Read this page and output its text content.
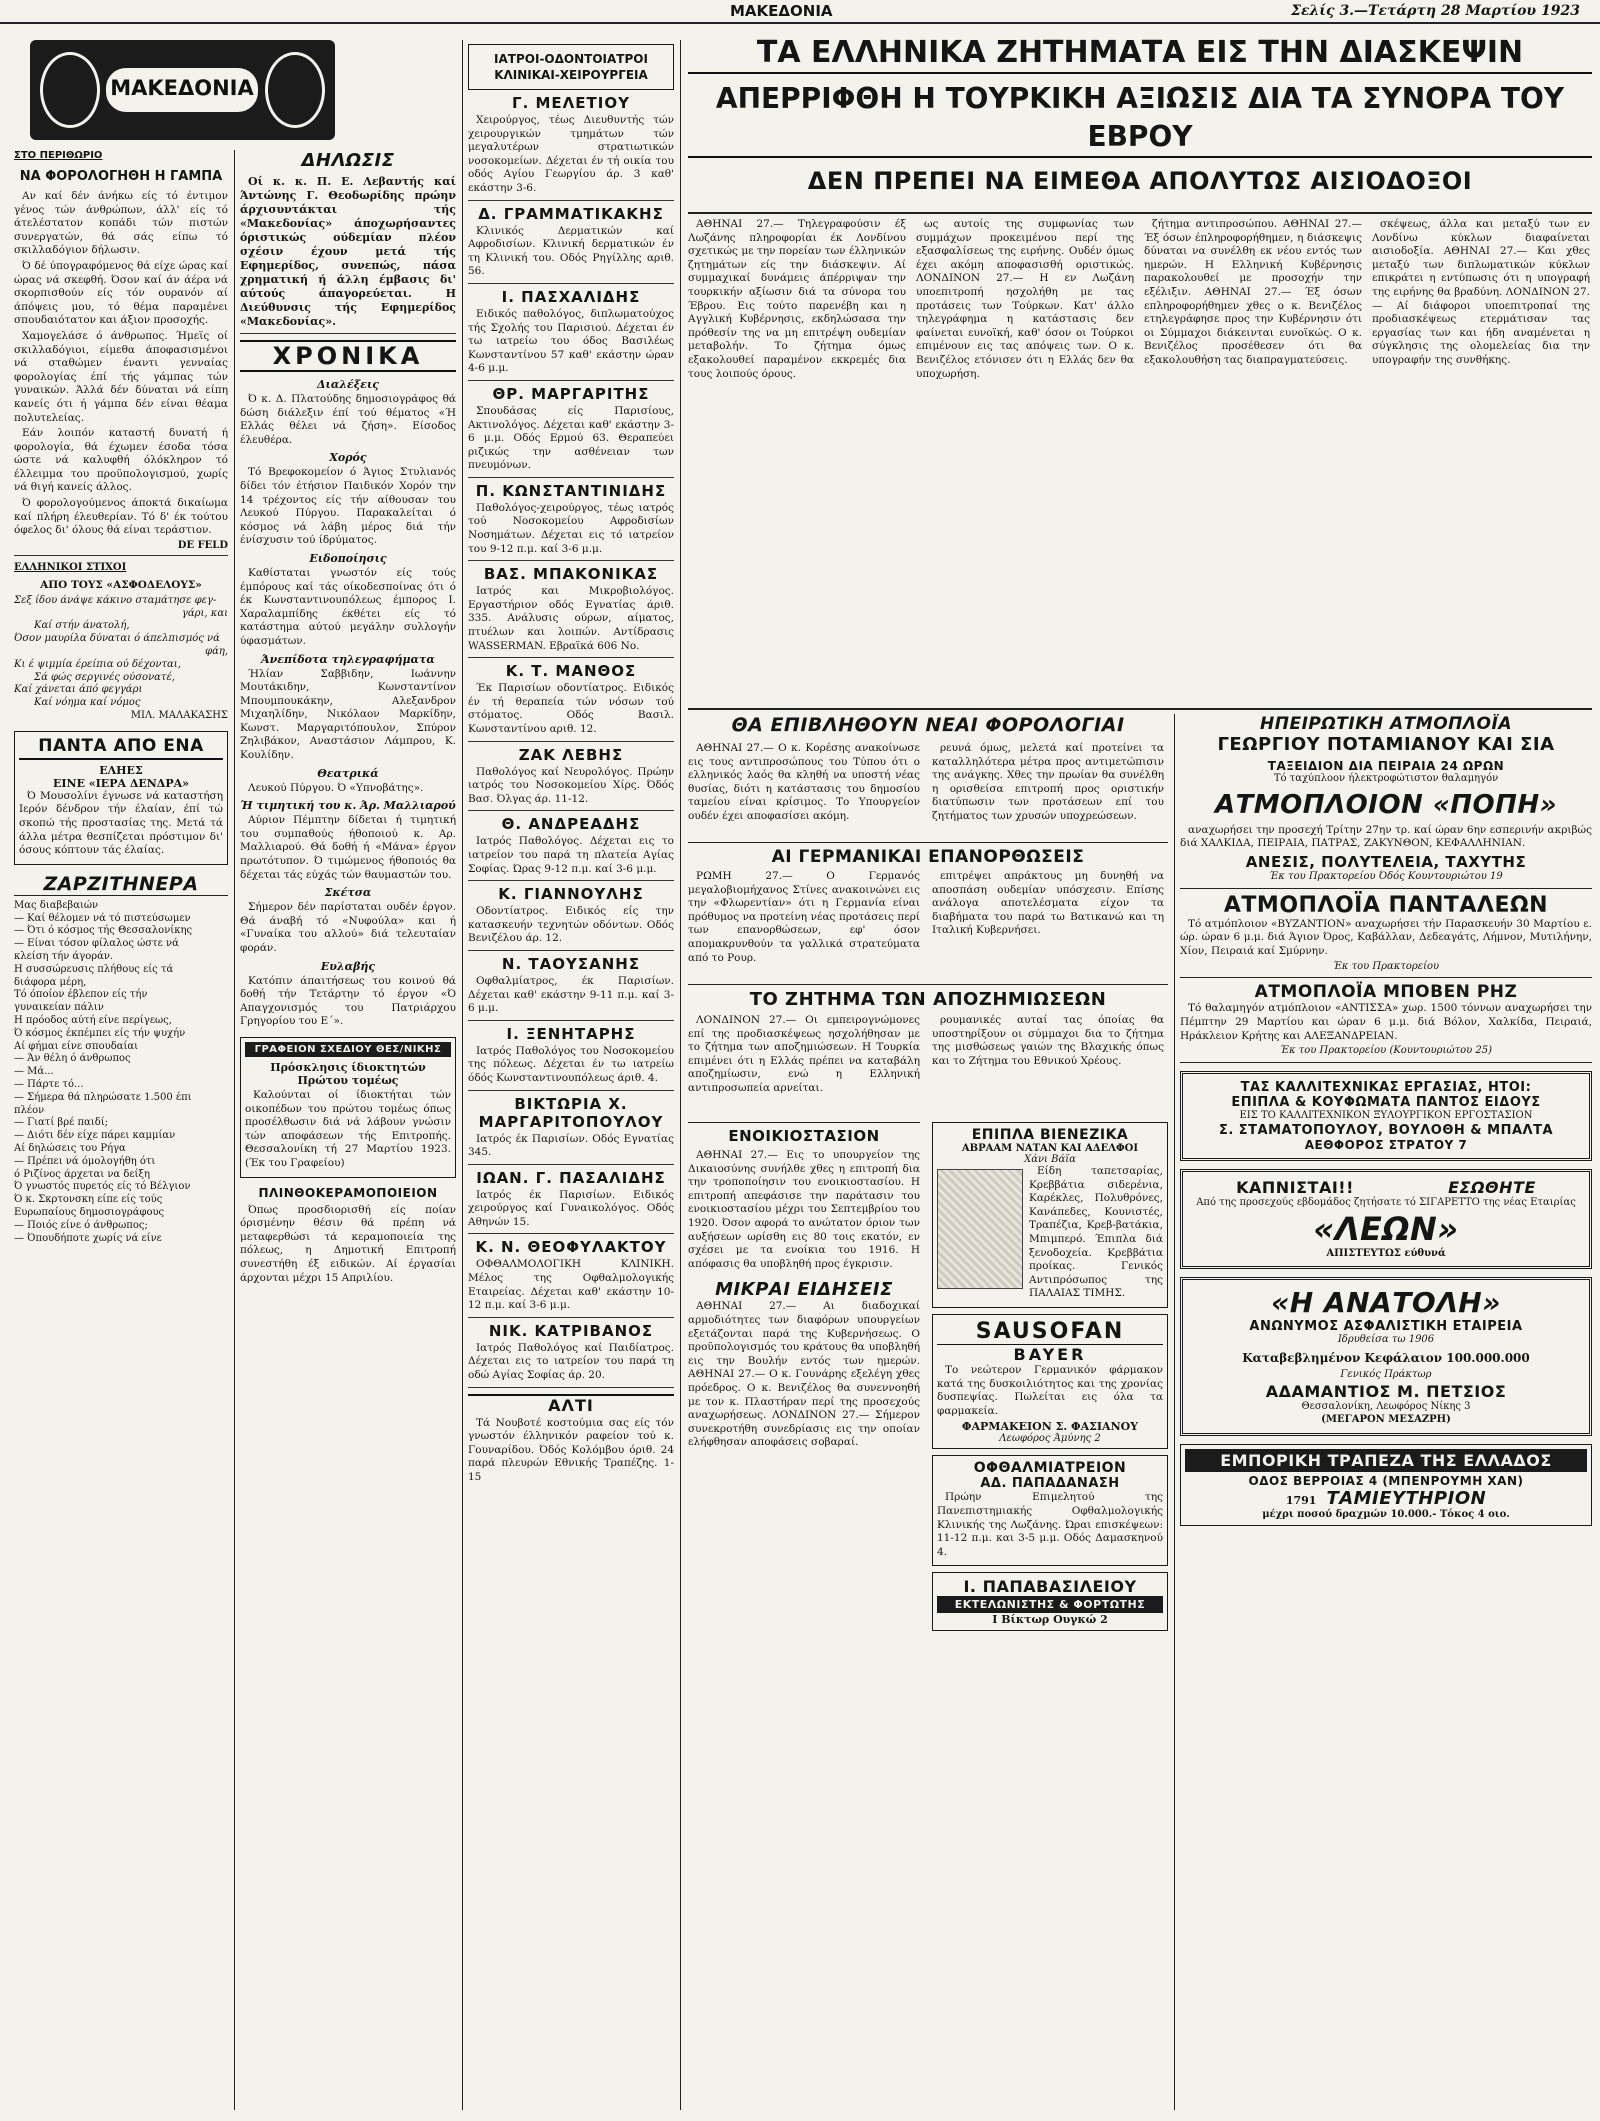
ΜΑΚΕΔΟΝΙΑ	Σελίς 3.—Τετάρτη 28 Μαρτίου 1923
ΜΑΚΕΔΟΝΙΑ
ΣΤΟ ΠΕΡΙΘΩΡΙΟ
ΝΑ ΦΟΡΟΛΟΓΗΘΗ Η ΓΑΜΠΑ
Αν καί δέν άνήκω είς τό έντιμον γένος τών άνθρώπων, άλλ' είς τό άτελέστατον κοπάδι τών πιστών συνεργατών, θά σάς είπω τό σκιλλαδόγιον δήλωσιν.
Ό δέ ύπογραφόμενος θά είχε ώρας καί ώρας νά σκεφθή. Όσον καί άν άέρα νά σκορπισθούν είς τόν ουρανόν αί άπόψεις μου, τό θέμα παραμένει σπουδαιότατον και άξιον προσοχής.
Χαμογελάσε ό άνθρωπος. Ήμεϊς οί σκιλλαδόγιοι, είμεθα άποφασισμένοι νά σταθώμεν έναντι γενναίας φορολογίας έπί τής γάμπας τών γυναικών. Άλλά δέν δύναται νά είπη κανείς ότι ή γάμπα δέν είναι θέαμα πολυτελείας.
Εάν λοιπόν καταστή δυνατή ή φορολογία, θά έχωμεν έσοδα τόσα ώστε νά καλυφθή όλόκληρον τό έλλειμμα του προϋπολογισμού, χωρίς νά θιγή κανείς άλλος.
Ό φορολογούμενος άποκτά δικαίωμα καί πλήρη έλευθερίαν. Τό δ' έκ τούτου όφελος δι' όλους θά είναι τεράστιον.
DE FELD
ΕΛΛΗΝΙΚΟΙ ΣΤΙΧΟΙ
ΑΠΟ ΤΟΥΣ «ΑΣΦΟΔΕΛΟΥΣ»
Σεξ ίδου άνάψε κάκινο σταμάτησε φεγ-
γάρι, και
Καί στήν άνατολή,
Όσον μαυρίλα δύναται ό άπελπισμός νά
φάη,
Κι έ ψιμμία έρείπια ού δέχονται,
Σά φώς σεργινές ούσονατέ,
Καί χάνεται άπό φεγγάρι
Καί νόημα καί νόμος
ΜΙΛ. ΜΑΛΑΚΑΣΗΣ
ΠΑΝΤΑ ΑΠΟ ΕΝΑ
ΕΛΗΕΣ
ΕΙΝΕ «ΙΕΡΑ ΔΕΝΔΡΑ»
Ό Μουσολίνι έγνωσε νά καταστήση Ιερόν δένδρον τήν έλαίαν, έπί τώ σκοπώ τής προστασίας της. Μετά τά άλλα μέτρα θεσπίζεται πρόστιμον δι' όσους κόπτουν τάς έλαίας.
ΖΑΡΖΙΤΗΝΕΡΑ
Μας διαβεβαιών
— Καί θέλομεν νά τό πιστεύσωμεν
— Ότι ό κόσμος τής Θεσσαλονίκης
— Είναι τόσον φίλαλος ώστε νά
κλείση τήν άγοράν.
Η συσσώρευσις πλήθους είς τά
διάφορα μέρη,
Τό όποίον έβλεπον είς τήν
γυναικείαν πάλιν
Η πρόοδος αύτή είνε περίγεως,
Ό κόσμος έκπέμπει είς τήν ψυχήν
Αί φήμαι είνε σπουδαίαι
— Άν θέλη ό άνθρωπος
— Μά...
— Πάρτε τό...
— Σήμερα θά πληρώσατε 1.500 έπι
πλέον
— Γιατί βρέ παιδί;
— Διότι δέν είχε πάρει καμμίαν
Αί δηλώσεις του Ρήγα
— Πρέπει νά όμολογήθη ότι
ό Ριζίνος άρχεται να δείξη
Ό γνωστός πυρετός είς τό Βέλγιον
Ό κ. Σκρτονσκη είπε είς τούς
Ευρωπαίους δημοσιογράφους
— Ποιός είνε ό άνθρωπος;
— Όπουδήποτε χωρίς νά είνε
ΔΗΛΩΣΙΣ
Οί κ. κ. Π. Ε. Λεβαντής καί Άντώνης Γ. Θεοδωρίδης πρώην άρχισυντάκται τής «Μακεδονίας» άποχωρήσαντες όριστικώς ούδεμίαν πλέον σχέσιν έχουν μετά τής Εφημερίδος, συνεπώς, πάσα χρηματική ή άλλη έμβασις δι' αύτούς άπαγορεύεται. Η Διεύθυνσις τής Εφημερίδος «Μακεδονίας».
ΧΡΟΝΙΚΑ
Διαλέξεις
Ό κ. Δ. Πλατούδης δημοσιογράφος θά δώση διάλεξιν έπί τού θέματος «Ή Ελλάς θέλει νά ζήση». Είσοδος έλευθέρα.
Χορός
Τό Βρεφοκομείον ό Άγιος Στυλιανός δίδει τόν έτήσιον Παιδικόν Χορόν την 14 τρέχοντος είς τήν αίθουσαν του Λευκού Πύργου. Παρακαλείται ό κόσμος νά λάβη μέρος διά τήν ένίσχυσιν τού ίδρύματος.
Ειδοποίησις
Καθίσταται γνωστόν είς τούς έμπόρους καί τάς οίκοδεσποίνας ότι ό έκ Κωνσταντινουπόλεως έμπορος Ι. Χαραλαμπίδης έκθέτει είς τό κατάστημα αύτού μεγάλην συλλογήν ύφασμάτων.
Άνεπίδοτα τηλεγραφήματα
Ήλίαν Σαββιδην, Ιωάννην Μουτάκιδην, Κωνσταντίνον Μπουμπουκάκην, Αλεξανδρον Μιχαηλίδην, Νικόλαον Μαρκίδην, Κωνστ. Μαργαριτόπουλον, Σπύρον Ζηλιβάκον, Αναστάσιον Λάμπρου, Κ. Κουλίδην.
Θεατρικά
Λευκού Πύργου. Ό «Υπνοβάτης».
Ή τιμητική του κ. Άρ. Μαλλιαρού
Αύριον Πέμπτην δίδεται ή τιμητική του συμπαθούς ήθοποιού κ. Αρ. Μαλλιαρού. Θά δοθή ή «Μάνα» έργον πρωτότυπον. Ό τιμώμενος ήθοποιός θα δέχεται τάς εύχάς τών θαυμαστών του.
Σκέτσα
Σήμερον δέν παρίσταται ουδέν έργον. Θά άναβή τό «Νυφούλα» και ή «Γυναίκα του αλλού» διά τελευταίαν φοράν.
Ευλαβής
Κατόπιν άπαιτήσεως του κοινού θά δοθή τήν Τετάρτην τό έργον «Ό Απαγχονισμός του Πατριάρχου Γρηγορίου του Ε΄».
ΓΡΑΦΕΙΟΝ ΣΧΕΔΙΟΥ ΘΕΣ/ΝΙΚΗΣ
Πρόσκλησις ίδιοκτητών Πρώτου τομέως
Καλούνται οί ίδιοκτήται τών οικοπέδων του πρώτου τομέως όπως προσέλθωσιν διά νά λάβουν γνώσιν τών αποφάσεων τής Επιτροπής. Θεσσαλονίκη τή 27 Μαρτίου 1923. (Έκ του Γραφείου)
ΠΛΙΝΘΟΚΕΡΑΜΟΠΟΙΕΙΟΝ
Όπως προσδιορισθή είς ποίαν όρισμένην θέσιν θά πρέπη νά μεταφερθώσι τά κεραμοποιεία της πόλεως, η Δημοτική Επιτροπή συνεστήθη έξ ειδικών. Αί έργασίαι άρχονται μέχρι 15 Απριλίου.
ΙΑΤΡΟΙ-ΟΔΟΝΤΟΙΑΤΡΟΙ ΚΛΙΝΙΚΑΙ-ΧΕΙΡΟΥΡΓΕΙΑ
Γ. ΜΕΛΕΤΙΟΥ
Χειρούργος, τέως Διευθυντής τών χειρουργικών τμημάτων τών μεγαλυτέρων στρατιωτικών νοσοκομείων. Δέχεται έν τή οικία του οδός Αγίου Γεωργίου άρ. 3 καθ' εκάστην 3-6.
Δ. ΓΡΑΜΜΑΤΙΚΑΚΗΣ
Κλινικός Δερματικών καί Αφροδισίων. Κλινική δερματικών έν τη Κλινική του. Οδός Ρηγίλλης αριθ. 56.
Ι. ΠΑΣΧΑΛΙΔΗΣ
Ειδικός παθολόγος, διπλωματούχος τής Σχολής του Παρισιού. Δέχεται έν τω ιατρείω του όδος Βασιλέως Κωνσταντίνου 57 καθ' εκάστην ώραν 4-6 μ.μ.
ΘΡ. ΜΑΡΓΑΡΙΤΗΣ
Σπουδάσας είς Παρισίους, Ακτινολόγος. Δέχεται καθ' εκάστην 3-6 μ.μ. Οδός Ερμού 63. Θεραπεύει ριζικώς την ασθένειαν των πνευμόνων.
Π. ΚΩΝΣΤΑΝΤΙΝΙΔΗΣ
Παθολόγος-χειρούργος, τέως ιατρός τού Νοσοκομείου Αφροδισίων Νοσημάτων. Δέχεται εις τό ιατρείον του 9-12 π.μ. καί 3-6 μ.μ.
ΒΑΣ. ΜΠΑΚΟΝΙΚΑΣ
Ιατρός και Μικροβιολόγος. Εργαστήριον οδός Εγνατίας άριθ. 335. Ανάλυσις ούρων, αίματος, πτυέλων και λοιπών. Αντίδρασις WASSERMAN. Εβραϊκά 606 Νο.
Κ. Τ. ΜΑΝΘΟΣ
Έκ Παρισίων οδοντίατρος. Ειδικός έν τή θεραπεία τών νόσων τού στόματος. Οδός Βασιλ. Κωνσταντίνου αριθ. 12.
ΖΑΚ ΛΕΒΗΣ
Παθολόγος καί Νευρολόγος. Πρώην ιατρός του Νοσοκομείου Χίρς. Όδός Βασ. Όλγας άρ. 11-12.
Θ. ΑΝΔΡΕΑΔΗΣ
Ιατρός Παθολόγος. Δέχεται εις το ιατρείον του παρά τη πλατεία Αγίας Σοφίας. Ώρας 9-12 π.μ. καί 3-6 μ.μ.
Κ. ΓΙΑΝΝΟΥΛΗΣ
Οδοντίατρος. Ειδικός είς την κατασκευήν τεχνητών οδόντων. Οδός Βενιζέλου άρ. 12.
Ν. ΤΑΟΥΣΑΝΗΣ
Οφθαλμίατρος, έκ Παρισίων. Δέχεται καθ' εκάστην 9-11 π.μ. καί 3-6 μ.μ.
Ι. ΞΕΝΗΤΑΡΗΣ
Ιατρός Παθολόγος του Νοσοκομείου της πόλεως. Δέχεται έν τω ιατρείω όδός Κωνσταντινουπόλεως άριθ. 4.
ΒΙΚΤΩΡΙΑ Χ. ΜΑΡΓΑΡΙΤΟΠΟΥΛΟΥ
Ιατρός έκ Παρισίων. Οδός Εγνατίας 345.
ΙΩΑΝ. Γ. ΠΑΣΑΛΙΔΗΣ
Ιατρός έκ Παρισίων. Ειδικός χειρούργος καί Γυναικολόγος. Οδός Αθηνών 15.
Κ. Ν. ΘΕΟΦΥΛΑΚΤΟΥ
ΟΦΘΑΛΜΟΛΟΓΙΚΗ ΚΛΙΝΙΚΗ. Μέλος της Οφθαλμολογικής Εταιρείας. Δέχεται καθ' εκάστην 10-12 π.μ. καί 3-6 μ.μ.
ΝΙΚ. ΚΑΤΡΙΒΑΝΟΣ
Ιατρός Παθολόγος καί Παιδίατρος. Δέχεται εις το ιατρείον του παρά τη οδώ Αγίας Σοφίας άρ. 20.
ΑΛΤΙ
Τά Νουβοτέ κοστούμια σας είς τόν γνωστόν έλληνικόν ραφείον τού κ. Γουναρίδου. Όδός Κολόμβου όριθ. 24 παρά πλευρών Εθνικής Τραπέζης. 1-15
ΤΑ ΕΛΛΗΝΙΚΑ ΖΗΤΗΜΑΤΑ ΕΙΣ ΤΗΝ ΔΙΑΣΚΕΨΙΝ
ΑΠΕΡΡΙΦΘΗ Η ΤΟΥΡΚΙΚΗ ΑΞΙΩΣΙΣ ΔΙΑ ΤΑ ΣΥΝΟΡΑ ΤΟΥ ΕΒΡΟΥ
ΔΕΝ ΠΡΕΠΕΙ ΝΑ ΕΙΜΕΘΑ ΑΠΟΛΥΤΩΣ ΑΙΣΙΟΔΟΞΟΙ
ΑΘΗΝΑΙ 27.— Τηλεγραφούσιν έξ Λωζάνης πληροφορίαι έκ Λονδίνου σχετικώς με την πορείαν των έλληνικών ζητημάτων είς την διάσκεψιν. Αί συμμαχικαί δυνάμεις άπέρριψαν την τουρκικήν αξίωσιν διά τα σύνορα του Έβρου. Εις τούτο παρενέβη και η Αγγλική Κυβέρνησις, εκδηλώσασα την πρόθεσίν της να μη επιτρέψη ουδεμίαν μεταβολήν. Το ζήτημα όμως εξακολουθεί παραμένον εκκρεμές δια τους λοιπούς όρους.
ως αυτοίς της συμφωνίας των συμμάχων προκειμένου περί της εξασφαλίσεως της ειρήνης. Ουδέν όμως έχει ακόμη αποφασισθή οριστικώς. ΛΟΝΔΙΝΟΝ 27.— Η εν Λωζάνη υποεπιτροπή ησχολήθη με τας προτάσεις των Τούρκων. Κατ' άλλο τηλεγράφημα η κατάστασις δεν φαίνεται ευνοϊκή, καθ' όσον οι Τούρκοι επιμένουν εις τας απόψεις των. Ο κ. Βενιζέλος ετόνισεν ότι η Ελλάς δεν θα υποχωρήση.
ζήτημα αντιπροσώπου. ΑΘΗΝΑΙ 27.— Έξ όσων έπληροφορήθημεν, η διάσκεψις δύναται να συνέλθη εκ νέου εντός των ημερών. Η Ελληνική Κυβέρνησις παρακολουθεί με προσοχήν την εξέλιξιν. ΑΘΗΝΑΙ 27.— Έξ όσων επληροφορήθημεν χθες ο κ. Βενιζέλος ετηλεγράφησε προς την Κυβέρνησιν ότι οι Σύμμαχοι διάκεινται ευνοϊκώς. Ο κ. Βενιζέλος προσέθεσεν ότι θα εξακολουθήση τας διαπραγματεύσεις.
σκέψεως, άλλα και μεταξύ των εν Λονδίνω κύκλων διαφαίνεται αισιοδοξία. ΑΘΗΝΑΙ 27.— Και χθες μεταξύ των διπλωματικών κύκλων επικράτει η εντύπωσις ότι η υπογραφή της ειρήνης θα βραδύνη. ΛΟΝΔΙΝΟΝ 27.— Αί διάφοροι υποεπιτροπαί της προδιασκέψεως ετερμάτισαν τας εργασίας των και ήδη αναμένεται η σύγκλησις της ολομελείας δια την υπογραφήν της συνθήκης.
ΘΑ ΕΠΙΒΛΗΘΟΥΝ ΝΕΑΙ ΦΟΡΟΛΟΓΙΑΙ
ΑΘΗΝΑΙ 27.— Ο κ. Κορέσης ανακοίνωσε εις τους αντιπροσώπους του Τύπου ότι ο ελληνικός λαός θα κληθή να υποστή νέας θυσίας, διότι η κατάστασις του δημοσίου ταμείου είναι κρίσιμος. Το Υπουργείον ουδέν έχει αποφασίσει ακόμη.
ρευνά όμως, μελετά καί προτείνει τα καταλληλότερα μέτρα προς αντιμετώπισιν της ανάγκης. Χθες την πρωίαν θα συνέλθη η ορισθείσα επιτροπή προς οριστικήν διατύπωσιν των προτάσεων επί του ζητήματος των χρυσών υποχρεώσεων.
ΑΙ ΓΕΡΜΑΝΙΚΑΙ ΕΠΑΝΟΡΘΩΣΕΙΣ
ΡΩΜΗ 27.— Ο Γερμανός μεγαλοβιομήχανος Στίνες ανακοινώνει εις την «Φλωρεντίαν» ότι η Γερμανία είναι πρόθυμος να προτείνη νέας προτάσεις περί των επανορθώσεων, εφ' όσον απομακρυνθούν τα γαλλικά στρατεύματα από το Ρουρ.
επιτρέψει απράκτους μη δυνηθή να αποσπάση ουδεμίαν υπόσχεσιν. Επίσης ανάλογα αποτελέσματα είχον τα διαβήματα του παρά τω Βατικανώ και τη Ιταλική Κυβερνήσει.
ΤΟ ΖΗΤΗΜΑ ΤΩΝ ΑΠΟΖΗΜΙΩΣΕΩΝ
ΛΟΝΔΙΝΟΝ 27.— Οι εμπειρογνώμονες επί της προδιασκέψεως ησχολήθησαν με το ζήτημα των αποζημιώσεων. Η Τουρκία επιμένει ότι η Ελλάς πρέπει να καταβάλη αποζημίωσιν, ενώ η Ελληνική αντιπροσωπεία αρνείται.
ρουμανικές αυταί τας όποίας θα υποστηρίξουν οι σύμμαχοι δια το ζήτημα της μισθώσεως γαιών της Βλαχικής όπως και το Ζήτημα του Εθνικού Χρέους.
ΕΝΟΙΚΙΟΣΤΑΣΙΟΝ
ΑΘΗΝΑΙ 27.— Εις το υπουργείον της Δικαιοσύνης συνήλθε χθες η επιτροπή δια την τροποποίησιν του ενοικιοστασίου. Η επιτροπή απεφάσισε την παράτασιν του ενοικιοστασίου μέχρι του Σεπτεμβρίου του 1920. Όσον αφορά το ανώτατον όριον των αυξήσεων ωρίσθη εις 80 τοις εκατόν, εν σχέσει με τα ενοίκια του 1916. Η απόφασις θα υποβληθή προς έγκρισιν.
ΜΙΚΡΑΙ ΕΙΔΗΣΕΙΣ
ΑΘΗΝΑΙ 27.— Αι διαδοχικαί αρμοδιότητες των διαφόρων υπουργείων εξετάζονται παρά της Κυβερνήσεως. Ο προϋπολογισμός του κράτους θα υποβληθή εις την Βουλήν εντός των ημερών. ΑΘΗΝΑΙ 27.— Ο κ. Γουνάρης εξελέγη χθες πρόεδρος. Ο κ. Βενιζέλος θα συνεννοηθή με τον κ. Πλαστήραν περί της προσεχούς αναχωρήσεως. ΛΟΝΔΙΝΟΝ 27.— Σήμερον συνεκροτήθη συνεδρίασις εις την οποίαν ελήφθησαν αποφάσεις σοβαραί.
ΕΠΙΠΛΑ ΒΙΕΝΕΖΙΚΑ
ΑΒΡΑΑΜ ΝΑΤΑΝ ΚΑΙ ΑΔΕΛΦΟΙ
Χάνι Βάϊα
Είδη ταπετσαρίας, Κρεββάτια σιδερένια, Καρέκλες, Πολυθρόνες, Κανάπεδες, Κουνιστές, Τραπέζια, Κρεβ-βατάκια, Μπιμπερό. Έπιπλα διά ξενοδοχεία. Κρεββάτια προίκας. Γενικός Αντιπρόσωπος της ΠΑΛΑΙΑΣ ΤΙΜΗΣ.
SAUSOFAN
BAYER
Το νεώτερον Γερμανικόν φάρμακον κατά της δυσκοιλιότητος και της χρονίας δυσπεψίας. Πωλείται εις όλα τα φαρμακεία.
ΦΑΡΜΑΚΕΙΟΝ Σ. ΦΑΣΙΑΝΟΥ
Λεωφόρος Άμύνης 2
ΟΦΘΑΛΜΙΑΤΡΕΙΟΝ
ΑΔ. ΠΑΠΑΔΑΝΑΣΗ
Πρώην Επιμελητού της Πανεπιστημιακής Οφθαλμολογικής Κλινικής της Λωζάνης. Ώραι επισκέψεων: 11-12 π.μ. και 3-5 μ.μ. Οδός Δαμασκηνού 4.
Ι. ΠΑΠΑΒΑΣΙΛΕΙΟΥ
ΕΚΤΕΛΩΝΙΣΤΗΣ & ΦΟΡΤΩΤΗΣ
Ι Βίκτωρ Ουγκώ 2
ΗΠΕΙΡΩΤΙΚΗ ΑΤΜΟΠΛΟΪΑ
ΓΕΩΡΓΙΟΥ ΠΟΤΑΜΙΑΝΟΥ ΚΑΙ ΣΙΑ
ΤΑΞΕΙΔΙΟΝ ΔΙΑ ΠΕΙΡΑΙΑ 24 ΩΡΩΝ
Τό ταχύπλοον ήλεκτροφώτιστον θαλαμηγόν
ΑΤΜΟΠΛΟΙΟΝ «ΠΟΠΗ»
αναχωρήσει την προσεχή Τρίτην 27ην τρ. καί ώραν 6ην εσπερινήν ακριβώς διά ΧΑΛΚΙΔΑ, ΠΕΙΡΑΙΑ, ΠΑΤΡΑΣ, ΖΑΚΥΝΘΟΝ, ΚΕΦΑΛΛΗΝΙΑΝ.
ΑΝΕΣΙΣ, ΠΟΛΥΤΕΛΕΙΑ, ΤΑΧΥΤΗΣ
Έκ του Πρακτορείου Όδός Κουντουριώτου 19
ΑΤΜΟΠΛΟΪΑ ΠΑΝΤΑΛΕΩΝ
Τό ατμόπλοιον «ΒΥΖΑΝΤΙΟΝ» αναχωρήσει τήν Παρασκευήν 30 Μαρτίου ε. ώρ. ώραν 6 μ.μ. διά Άγιον Όρος, Καβάλλαν, Δεδεαγάτς, Λήμνον, Μυτιλήνην, Χίον, Πειραιά καί Σμύρνην.
Έκ του Πρακτορείου
ΑΤΜΟΠΛΟΪΑ ΜΠΟΒΕΝ ΡΗΖ
Τό θαλαμηγόν ατμόπλοιον «ΑΝΤΙΣΣΑ» χωρ. 1500 τόννων αναχωρήσει την Πέμπτην 29 Μαρτίου και ώραν 6 μ.μ. διά Βόλον, Χαλκίδα, Πειραιά, Ηράκλειον Κρήτης και ΑΛΕΞΑΝΔΡΕΙΑΝ.
Έκ του Πρακτορείου (Κουντουριώτου 25)
ΤΑΣ ΚΑΛΛΙΤΕΧΝΙΚΑΣ ΕΡΓΑΣΙΑΣ, ΗΤΟΙ:
ΕΠΙΠΛΑ & ΚΟΥΦΩΜΑΤΑ ΠΑΝΤΟΣ ΕΙΔΟΥΣ
ΕΙΣ ΤΟ ΚΑΛΛΙΤΕΧΝΙΚΟΝ ΞΥΛΟΥΡΓΙΚΟΝ ΕΡΓΟΣΤΑΣΙΟΝ
Σ. ΣΤΑΜΑΤΟΠΟΥΛΟΥ, ΒΟΥΛΟΘΗ & ΜΠΑΛΤΑ
ΑΕΘΦΟΡΟΣ ΣΤΡΑΤΟΥ 7
ΚΑΠΝΙΣΤΑΙ!!	ΕΣΩΘΗΤΕ
Από της προσεχούς εβδομάδος ζητήσατε τό ΣΙΓΑΡΕΤΤΟ της νέας Εταιρίας
«ΛΕΩΝ»
ΑΠΙΣΤΕΥΤΩΣ εύθυνά
«Η ΑΝΑΤΟΛΗ»
ΑΝΩΝΥΜΟΣ ΑΣΦΑΛΙΣΤΙΚΗ ΕΤΑΙΡΕΙΑ
Ιδρυθείσα τω 1906
Καταβεβλημένον Κεφάλαιον 100.000.000
Γενικός Πράκτωρ
ΑΔΑΜΑΝΤΙΟΣ Μ. ΠΕΤΣΙΟΣ
Θεσσαλονίκη, Λεωφόρος Νίκης 3
(ΜΕΓΑΡΟΝ ΜΕΣΑΖΡΗ)
ΕΜΠΟΡΙΚΗ ΤΡΑΠΕΖΑ ΤΗΣ ΕΛΛΑΔΟΣ
ΟΔΟΣ ΒΕΡΡΟΙΑΣ 4 (ΜΠΕΝΡΟΥΜΗ ΧΑΝ)
1791 ΤΑΜΙΕΥΤΗΡΙΟΝ
μέχρι ποσού δραχμών 10.000.- Τόκος 4 οιο.
